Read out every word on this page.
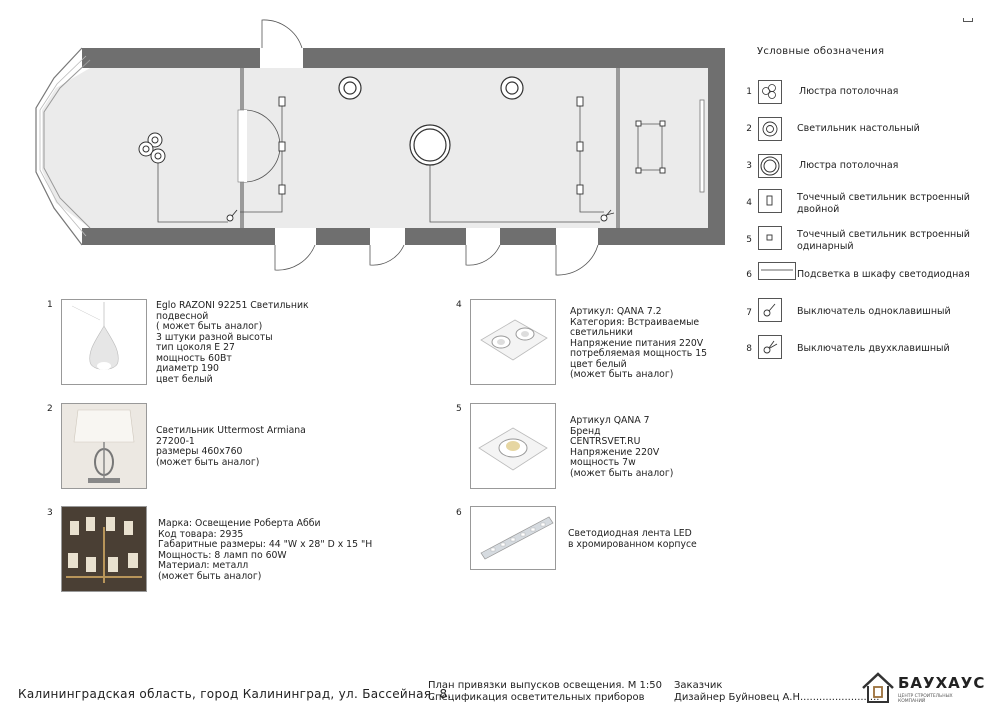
Условные обозначения
1	Люстра потолочная
2	Светильник настольный
3	Люстра потолочная
4	Точечный светильник встроенный двойной
5	Точечный светильник встроенный одинарный
6	Подсветка в шкафу светодиодная
7	Выключатель одноклавишный
8	Выключатель двухклавишный
1	Eglo RAZONI 92251 Светильник
подвесной
( может быть аналог)
3 штуки разной высоты
тип цоколя Е 27
мощность 60Вт
диаметр 190
цвет белый
2
Светильник Uttermost Armiana
27200-1
размеры 460x760
(может быть аналог)
3
Марка: Освещение Роберта Абби
Код товара: 2935
Габаритные размеры: 44 "W x 28" D x 15 "H
Мощность: 8 ламп по 60W
Материал: металл
(может быть аналог)
4
Артикул: QANA 7.2
Категория: Встраиваемые
светильники
Напряжение питания 220V
потребляемая мощность 15
цвет белый
(может быть аналог)
5
Артикул QANA 7
Бренд
CENTRSVET.RU
Напряжение 220V
мощность 7w
(может быть аналог)
6
Светодиодная лента LED
в хромированном корпусе
Калининградская область, город Калининград, ул. Бассейная, 8.
План привязки выпусков освещения. М 1:50
Спецификация осветительных приборов
Заказчик
Дизайнер Буйновец А.Н.........................
БАУХАУС
ЦЕНТР СТРОИТЕЛЬНЫХ КОМПАНИЙ
